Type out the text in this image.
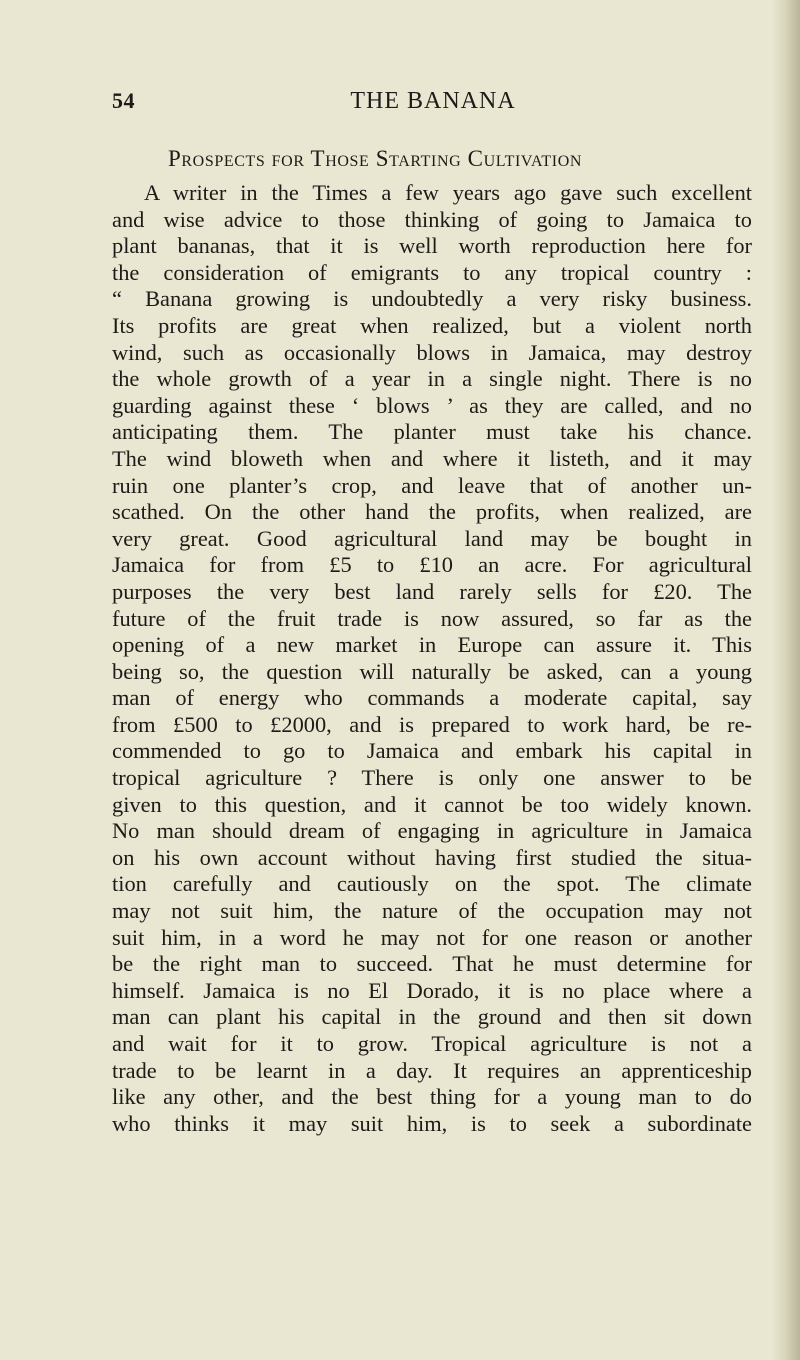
54	THE BANANA
Prospects for Those Starting Cultivation
A writer in the Times a few years ago gave such excellent
and wise advice to those thinking of going to Jamaica to
plant bananas, that it is well worth reproduction here for
the consideration of emigrants to any tropical country :
“ Banana growing is undoubtedly a very risky business.
Its profits are great when realized, but a violent north
wind, such as occasionally blows in Jamaica, may destroy
the whole growth of a year in a single night. There is no
guarding against these ‘ blows ’ as they are called, and no
anticipating them. The planter must take his chance.
The wind bloweth when and where it listeth, and it may
ruin one planter’s crop, and leave that of another un-
scathed. On the other hand the profits, when realized, are
very great. Good agricultural land may be bought in
Jamaica for from £5 to £10 an acre. For agricultural
purposes the very best land rarely sells for £20. The
future of the fruit trade is now assured, so far as the
opening of a new market in Europe can assure it. This
being so, the question will naturally be asked, can a young
man of energy who commands a moderate capital, say
from £500 to £2000, and is prepared to work hard, be re-
commended to go to Jamaica and embark his capital in
tropical agriculture ? There is only one answer to be
given to this question, and it cannot be too widely known.
No man should dream of engaging in agriculture in Jamaica
on his own account without having first studied the situa-
tion carefully and cautiously on the spot. The climate
may not suit him, the nature of the occupation may not
suit him, in a word he may not for one reason or another
be the right man to succeed. That he must determine for
himself. Jamaica is no El Dorado, it is no place where a
man can plant his capital in the ground and then sit down
and wait for it to grow. Tropical agriculture is not a
trade to be learnt in a day. It requires an apprenticeship
like any other, and the best thing for a young man to do
who thinks it may suit him, is to seek a subordinate
